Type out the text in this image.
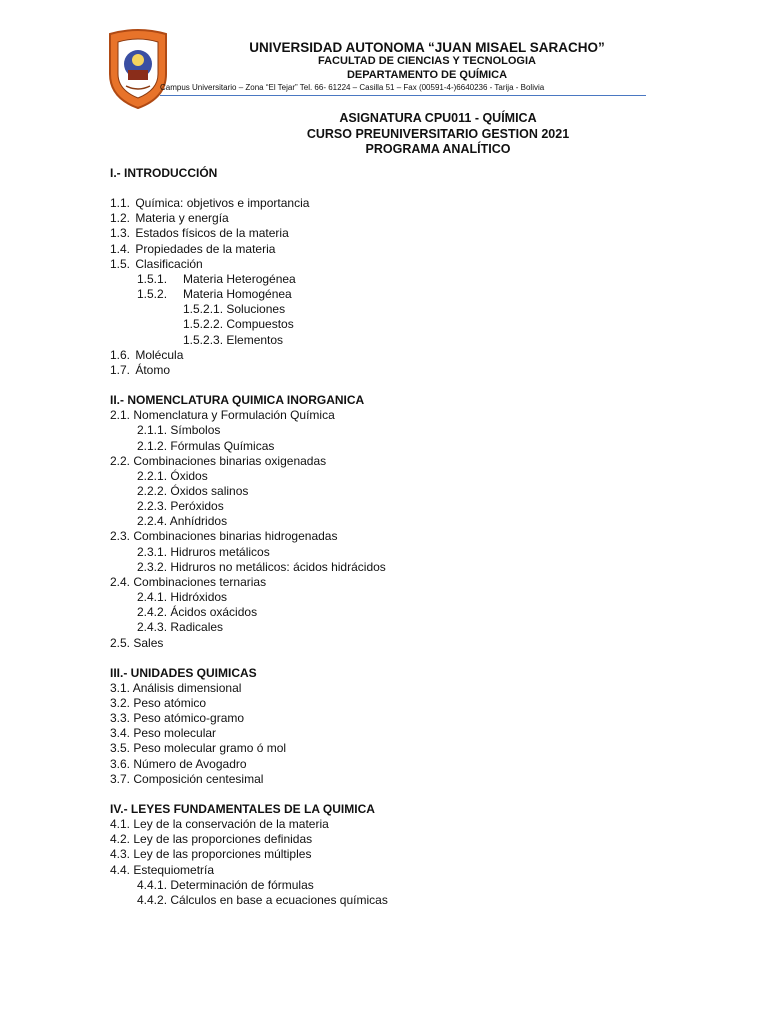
UNIVERSIDAD AUTONOMA “JUAN MISAEL SARACHO”
FACULTAD DE CIENCIAS Y TECNOLOGIA
DEPARTAMENTO DE QUÍMICA
Campus Universitario – Zona “El Tejar” Tel. 66- 61224 – Casilla 51 – Fax (00591-4-)6640236 - Tarija - Bolivia
ASIGNATURA CPU011 - QUÍMICA
CURSO PREUNIVERSITARIO GESTION 2021
PROGRAMA ANALÍTICO
I.- INTRODUCCIÓN
1.1. Química: objetivos e importancia
1.2. Materia y energía
1.3. Estados físicos de la materia
1.4. Propiedades de la materia
1.5. Clasificación
1.5.1. Materia Heterogénea
1.5.2. Materia Homogénea
1.5.2.1. Soluciones
1.5.2.2. Compuestos
1.5.2.3. Elementos
1.6. Molécula
1.7. Átomo
II.- NOMENCLATURA QUIMICA INORGANICA
2.1. Nomenclatura y Formulación Química
2.1.1. Símbolos
2.1.2. Fórmulas Químicas
2.2. Combinaciones binarias oxigenadas
2.2.1. Óxidos
2.2.2. Óxidos salinos
2.2.3. Peróxidos
2.2.4. Anhídridos
2.3. Combinaciones binarias hidrogenadas
2.3.1. Hidruros metálicos
2.3.2. Hidruros no metálicos: ácidos hidrácidos
2.4. Combinaciones ternarias
2.4.1. Hidróxidos
2.4.2. Ácidos oxácidos
2.4.3. Radicales
2.5. Sales
III.- UNIDADES QUIMICAS
3.1. Análisis dimensional
3.2. Peso atómico
3.3. Peso atómico-gramo
3.4. Peso molecular
3.5. Peso molecular gramo ó mol
3.6. Número de Avogadro
3.7. Composición centesimal
IV.- LEYES FUNDAMENTALES DE LA QUIMICA
4.1. Ley de la conservación de la materia
4.2. Ley de las proporciones definidas
4.3. Ley de las proporciones múltiples
4.4. Estequiometría
4.4.1. Determinación de fórmulas
4.4.2. Cálculos en base a ecuaciones químicas
